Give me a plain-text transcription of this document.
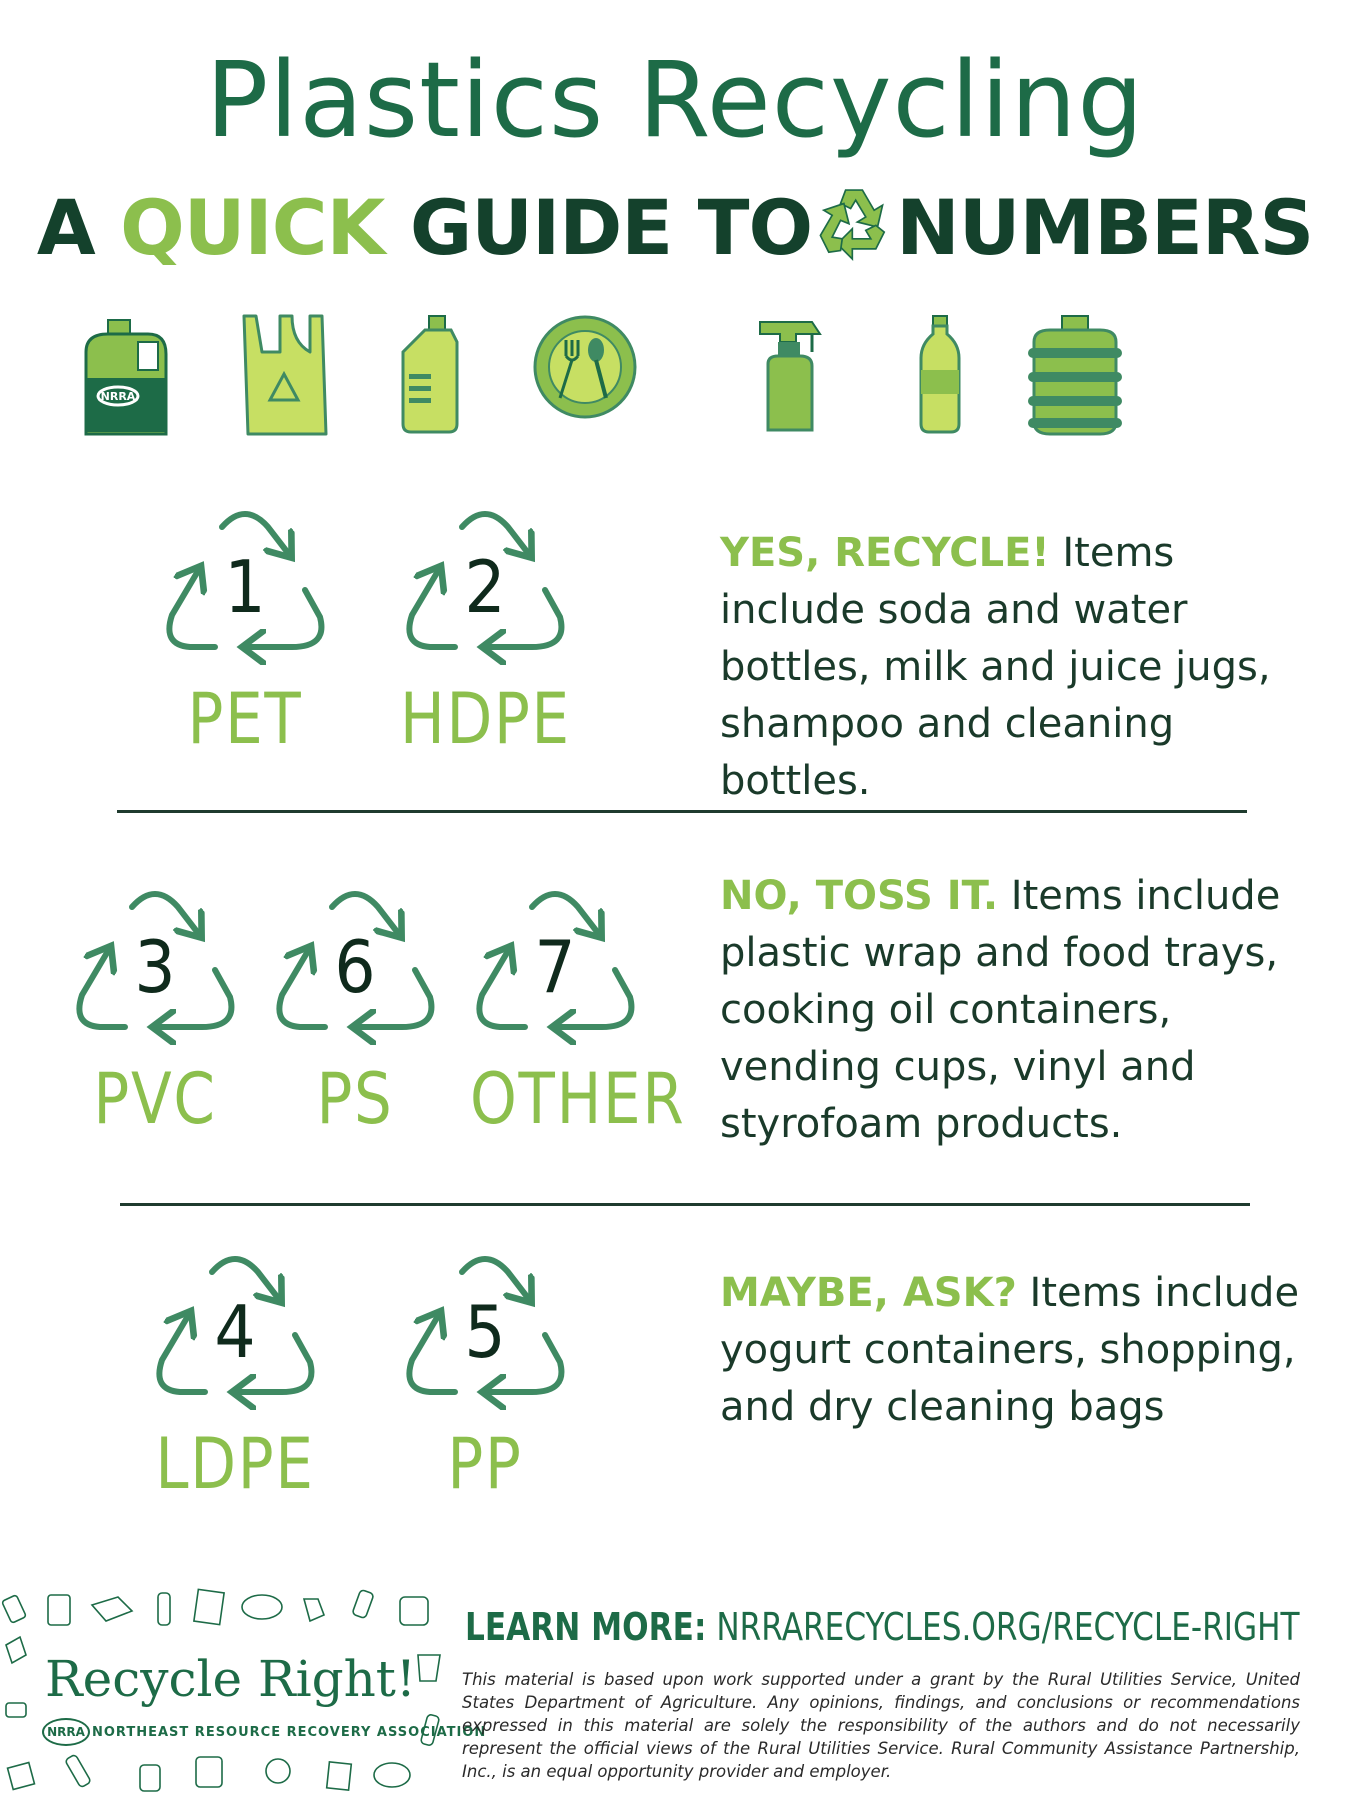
Plastics Recycling
A QUICK GUIDE TO NUMBERS
NRRA
1
PET
2
HDPE
YES, RECYCLE! Items include soda and water bottles, milk and juice jugs, shampoo and cleaning bottles.
3
PVC
6
PS
7
OTHER
NO, TOSS IT. Items include plastic wrap and food trays, cooking oil containers, vending cups, vinyl and styrofoam products.
4
LDPE
5
PP
MAYBE, ASK? Items include yogurt containers, shopping, and dry cleaning bags
Recycle Right!
NRRA NORTHEAST RESOURCE RECOVERY ASSOCIATION
LEARN MORE: NRRARECYCLES.ORG/RECYCLE-RIGHT
This material is based upon work supported under a grant by the Rural Utilities Service, United States Department of Agriculture. Any opinions, findings, and conclusions or recommendations expressed in this material are solely the responsibility of the authors and do not necessarily represent the official views of the Rural Utilities Service. Rural Community Assistance Partnership, Inc., is an equal opportunity provider and employer.
